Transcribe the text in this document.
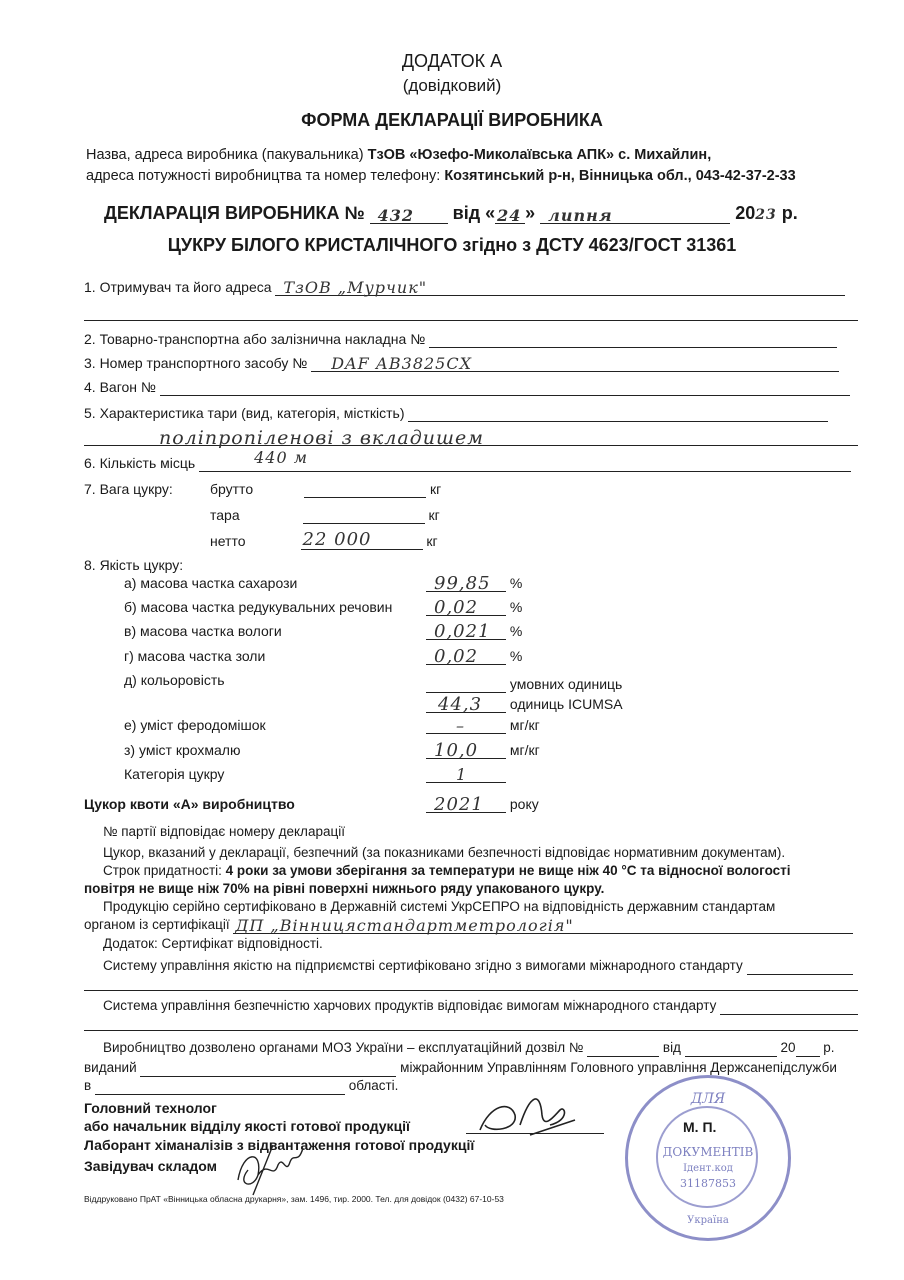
ДОДАТОК А
(довідковий)
ФОРМА ДЕКЛАРАЦІЇ ВИРОБНИКА
Назва, адреса виробника (пакувальника) ТзОВ «Юзефо-Миколаївська АПК» с. Михайлин,
адреса потужності виробництва та номер телефону: Козятинський р-н, Вінницька обл., 043-42-37-2-33
ДЕКЛАРАЦІЯ ВИРОБНИКА № 432 від « 24 » липня	2023 р.
ЦУКРУ БІЛОГО КРИСТАЛІЧНОГО згідно з ДСТУ 4623/ГОСТ 31361
1. Отримувач та його адреса ТзОВ „Мурчик"
2. Товарно-транспортна або залізнична накладна №
3. Номер транспортного засобу № DAF АВ3825СХ
4. Вагон №
5. Характеристика тари (вид, категорія, місткість)
поліпропіленові з вкладишем
6. Кількість місць	440 м
7. Вага цукру:	брутто	кг
тара	кг
нетто	22 000	кг
8. Якість цукру:
а) масова частка сахарози	99,85 %
б) масова частка редукувальних речовин 0,02 %
в) масова частка вологи	0,021 %
г) масова частка золи	0,02 %
д) кольоровість	умовних одиниць
44,3 одиниць ICUMSA
е) уміст феродомішок	–	мг/кг
з) уміст крохмалю	10,0 мг/кг
Категорія цукру	1
Цукор квоти «А» виробництво	2021 року
№ партії відповідає номеру декларації
Цукор, вказаний у декларації, безпечний (за показниками безпечності відповідає нормативним документам).
Строк придатності: 4 роки за умови зберігання за температури не вище ніж 40 °С та відносної вологості
повітря не вище ніж 70% на рівні поверхні нижнього ряду упакованого цукру.
Продукцію серійно сертифіковано в Державній системі УкрСЕПРО на відповідність державним стандартам
органом із сертифікації ДП „Вінницястандартметрологія"
Додаток: Сертифікат відповідності.
Систему управління якістю на підприємстві сертифіковано згідно з вимогами міжнародного стандарту
Система управління безпечністю харчових продуктів відповідає вимогам міжнародного стандарту
Виробництво дозволено органами МОЗ України – експлуатаційний дозвіл №	від	20 р.
виданий	міжрайонним Управлінням Головного управління Держсанепідслужби
в	області.
Головний технолог
або начальник відділу якості готової продукції
Лаборант хіманалізів з відвантаження готової продукції
Завідувач складом
ДЛЯ
ДОКУМЕНТІВ
Ідент.код
31187853
Україна
М. П.
Віддруковано ПрАТ «Вінницька обласна друкарня», зам. 1496, тир. 2000. Тел. для довідок (0432) 67-10-53
